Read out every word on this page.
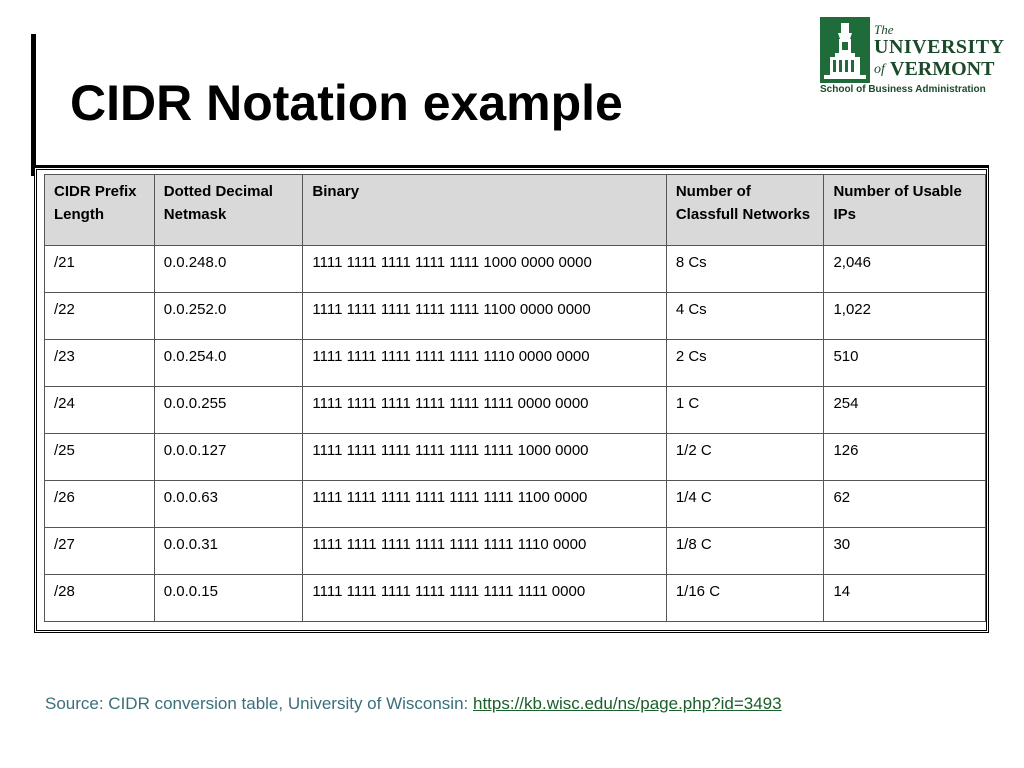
CIDR Notation example
The
UNIVERSITY
of VERMONT
School of Business Administration
CIDR Prefix Length	Dotted Decimal Netmask	Binary	Number of Classfull Networks	Number of Usable IPs
/21	0.0.248.0	1111 1111 1111 1111 1111 1000 0000 0000	8 Cs	2,046
/22	0.0.252.0	1111 1111 1111 1111 1111 1100 0000 0000	4 Cs	1,022
/23	0.0.254.0	1111 1111 1111 1111 1111 1110 0000 0000	2 Cs	510
/24	0.0.0.255	1111 1111 1111 1111 1111 1111 0000 0000	1 C	254
/25	0.0.0.127	1111 1111 1111 1111 1111 1111 1000 0000	1/2 C	126
/26	0.0.0.63	1111 1111 1111 1111 1111 1111 1100 0000	1/4 C	62
/27	0.0.0.31	1111 1111 1111 1111 1111 1111 1110 0000	1/8 C	30
/28	0.0.0.15	1111 1111 1111 1111 1111 1111 1111 0000	1/16 C	14
Source: CIDR conversion table, University of Wisconsin: https://kb.wisc.edu/ns/page.php?id=3493
